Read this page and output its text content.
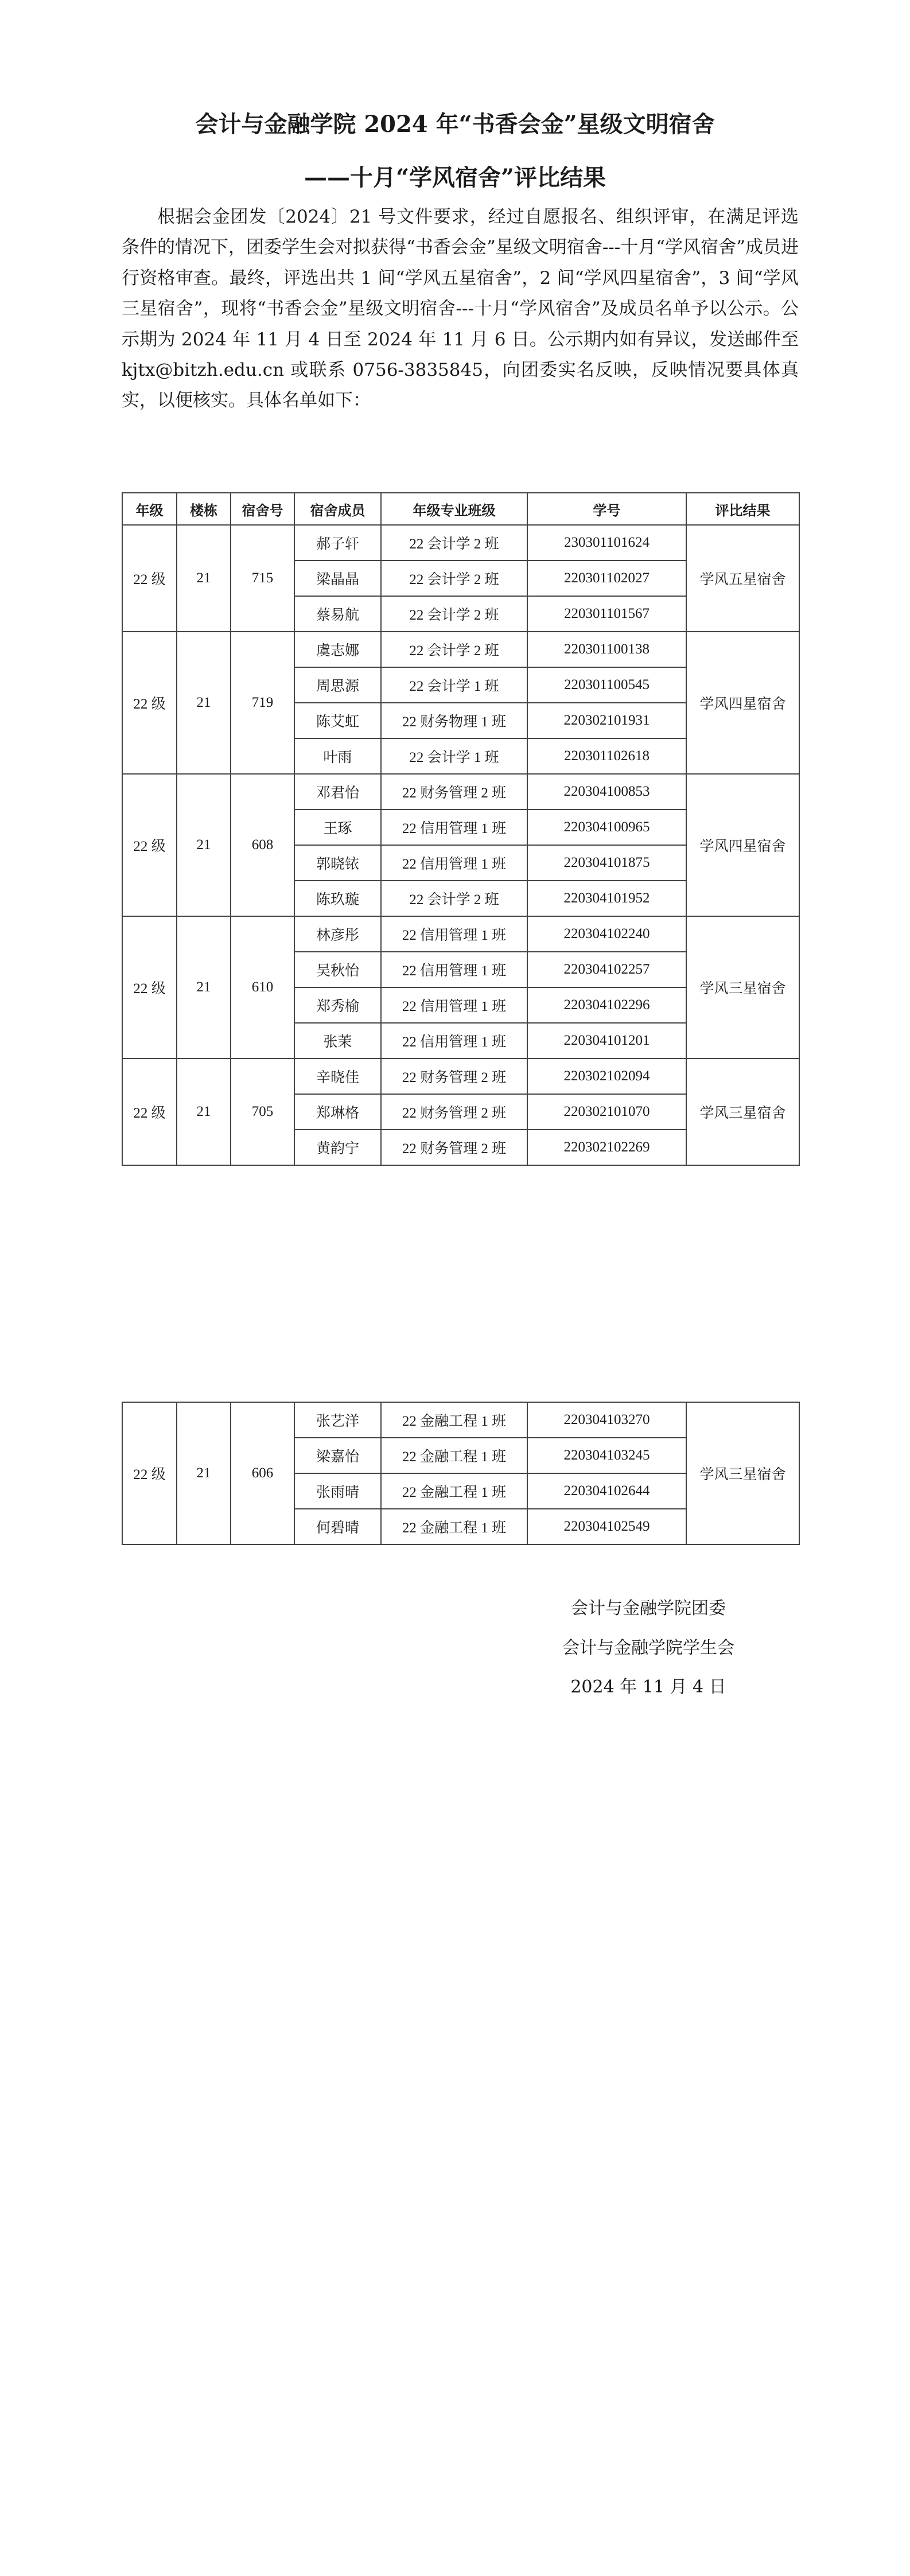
会计与金融学院 2024 年“书香会金”星级文明宿舍
——十月“学风宿舍”评比结果

根据会金团发〔2024〕21 号文件要求，经过自愿报名、组织评审，在满足评选条件的情况下，团委学生会对拟获得“书香会金”星级文明宿舍---十月“学风宿舍”成员进行资格审查。最终，评选出共 1 间“学风五星宿舍”，2 间“学风四星宿舍”，3 间“学风三星宿舍”，现将“书香会金”星级文明宿舍---十月“学风宿舍”及成员名单予以公示。公示期为 2024 年 11 月 4 日至 2024 年 11 月 6 日。公示期内如有异议，发送邮件至 kjtx@bitzh.edu.cn 或联系 0756-3835845，向团委实名反映，反映情况要具体真实，以便核实。具体名单如下：

年级	楼栋	宿舍号	宿舍成员	年级专业班级	学号	评比结果
22 级	21	715	郝子轩	22 会计学 2 班	230301101624	学风五星宿舍
			梁晶晶	22 会计学 2 班	220301102027	
			蔡易航	22 会计学 2 班	220301101567	
22 级	21	719	虞志娜	22 会计学 2 班	220301100138	学风四星宿舍
			周思源	22 会计学 1 班	220301100545	
			陈艾虹	22 财务物理 1 班	220302101931	
			叶雨	22 会计学 1 班	220301102618	
22 级	21	608	邓君怡	22 财务管理 2 班	220304100853	学风四星宿舍
			王琢	22 信用管理 1 班	220304100965	
			郭晓铱	22 信用管理 1 班	220304101875	
			陈玖璇	22 会计学 2 班	220304101952	
22 级	21	610	林彦彤	22 信用管理 1 班	220304102240	学风三星宿舍
			吴秋怡	22 信用管理 1 班	220304102257	
			郑秀榆	22 信用管理 1 班	220304102296	
			张茉	22 信用管理 1 班	220304101201	
22 级	21	705	辛晓佳	22 财务管理 2 班	220302102094	学风三星宿舍
			郑琳格	22 财务管理 2 班	220302101070	
			黄韵宁	22 财务管理 2 班	220302102269	
22 级	21	606	张艺洋	22 金融工程 1 班	220304103270	学风三星宿舍
			梁嘉怡	22 金融工程 1 班	220304103245	
			张雨晴	22 金融工程 1 班	220304102644	
			何碧晴	22 金融工程 1 班	220304102549	
会计与金融学院团委
会计与金融学院学生会
2024 年 11 月 4 日
